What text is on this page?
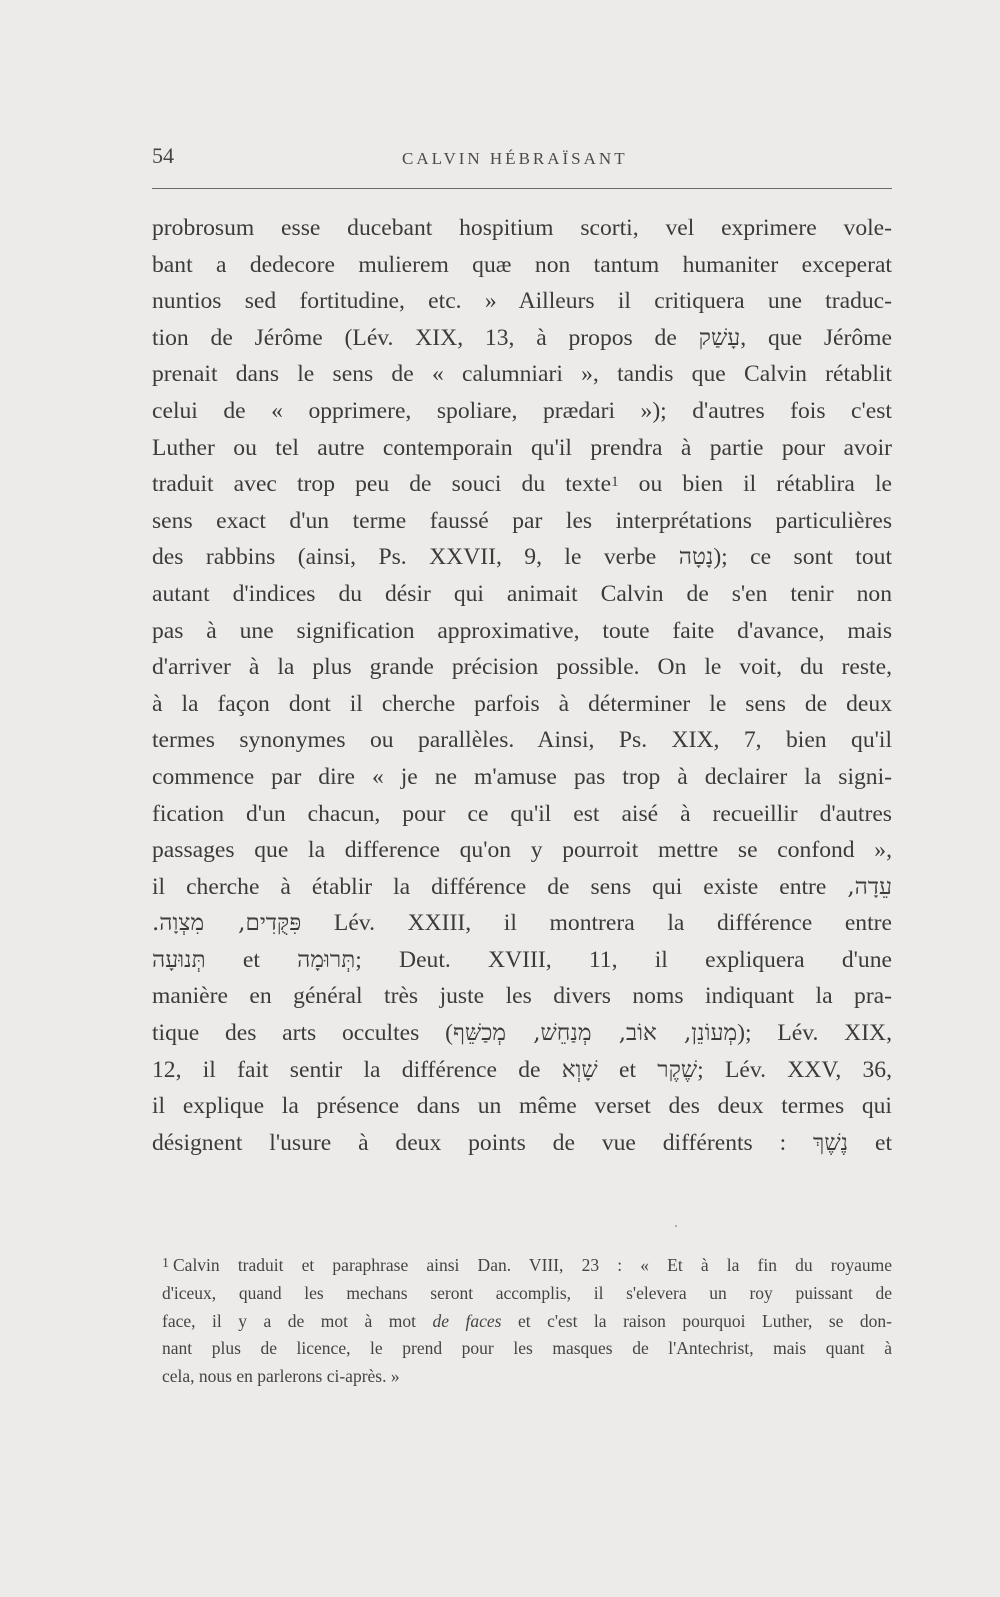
54	CALVIN HÉBRAÏSANT
probrosum esse ducebant hospitium scorti, vel exprimere vole-
bant a dedecore mulierem quæ non tantum humaniter exceperat
nuntios sed fortitudine, etc. » Ailleurs il critiquera une traduc-
tion de Jérôme (Lév. XIX, 13, à propos de עָשַׁק, que Jérôme
prenait dans le sens de « calumniari », tandis que Calvin rétablit
celui de « opprimere, spoliare, prædari »); d'autres fois c'est
Luther ou tel autre contemporain qu'il prendra à partie pour avoir
traduit avec trop peu de souci du texte$^1$ ou bien il rétablira le
sens exact d'un terme faussé par les interprétations particulières
des rabbins (ainsi, Ps. XXVII, 9, le verbe נָטָה); ce sont tout
autant d'indices du désir qui animait Calvin de s'en tenir non
pas à une signification approximative, toute faite d'avance, mais
d'arriver à la plus grande précision possible. On le voit, du reste,
à la façon dont il cherche parfois à déterminer le sens de deux
termes synonymes ou parallèles. Ainsi, Ps. XIX, 7, bien qu'il
commence par dire « je ne m'amuse pas trop à declairer la signi-
fication d'un chacun, pour ce qu'il est aisé à recueillir d'autres
passages que la difference qu'on y pourroit mettre se confond »,
il cherche à établir la différence de sens qui existe entre עֵדָה,
פִּקֻּדִים, מִצְוָה. Lév. XXIII, il montrera la différence entre
תְּנוּעָה et תְּרוּמָה; Deut. XVIII, 11, il expliquera d'une
manière en général très juste les divers noms indiquant la pra-
tique des arts occultes (מְעוֹנֵן, אוֹב, מְנַחֵשׁ, מְכַשֵּׁף); Lév. XIX,
12, il fait sentir la différence de שָׁוְא et שֶׁקֶר; Lév. XXV, 36,
il explique la présence dans un même verset des deux termes qui
désignent l'usure à deux points de vue différents : נֶשֶׁךְ et
$^1$ Calvin traduit et paraphrase ainsi Dan. VIII, 23 : « Et à la fin du royaume
d'iceux, quand les mechans seront accomplis, il s'elevera un roy puissant de
face, il y a de mot à mot de faces et c'est la raison pourquoi Luther, se don-
nant plus de licence, le prend pour les masques de l'Antechrist, mais quant à
cela, nous en parlerons ci-après. »
